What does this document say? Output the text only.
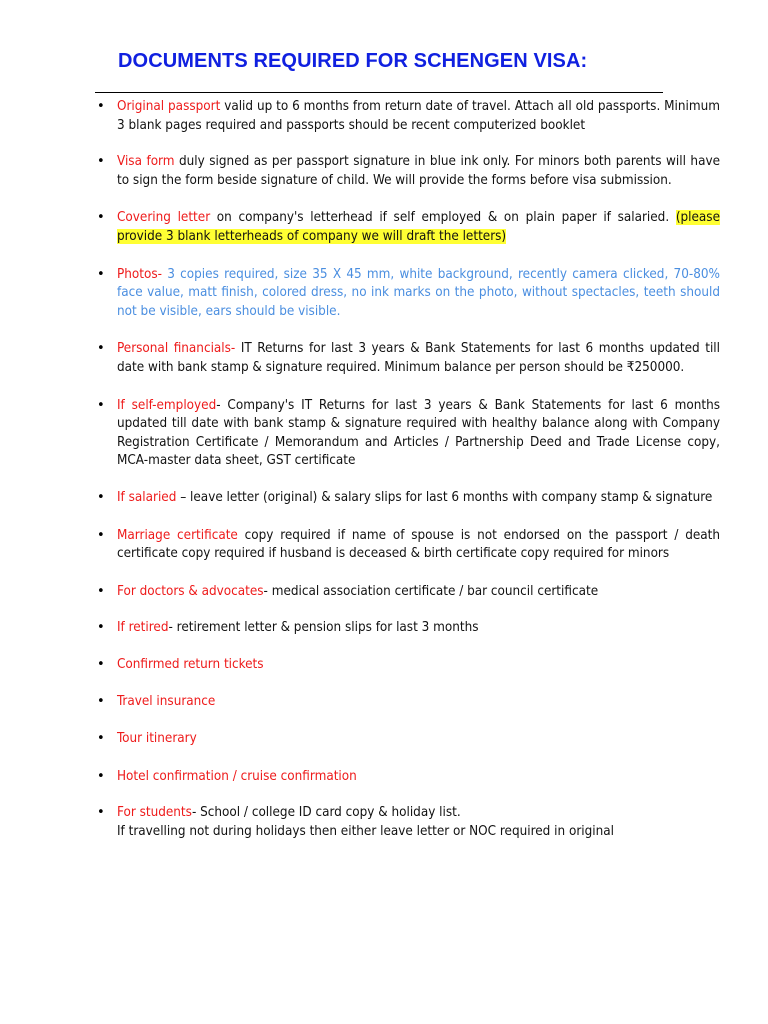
DOCUMENTS REQUIRED FOR SCHENGEN VISA:
• Original passport valid up to 6 months from return date of travel. Attach all old passports. Minimum 3 blank pages required and passports should be recent computerized booklet
• Visa form duly signed as per passport signature in blue ink only. For minors both parents will have to sign the form beside signature of child. We will provide the forms before visa submission.
• Covering letter on company's letterhead if self employed & on plain paper if salaried. (please provide 3 blank letterheads of company we will draft the letters)
• Photos- 3 copies required, size 35 X 45 mm, white background, recently camera clicked, 70-80% face value, matt finish, colored dress, no ink marks on the photo, without spectacles, teeth should not be visible, ears should be visible.
• Personal financials- IT Returns for last 3 years & Bank Statements for last 6 months updated till date with bank stamp & signature required. Minimum balance per person should be ₹250000.
• If self-employed- Company's IT Returns for last 3 years & Bank Statements for last 6 months updated till date with bank stamp & signature required with healthy balance along with Company Registration Certificate / Memorandum and Articles / Partnership Deed and Trade License copy, MCA-master data sheet, GST certificate
• If salaried – leave letter (original) & salary slips for last 6 months with company stamp & signature
• Marriage certificate copy required if name of spouse is not endorsed on the passport / death certificate copy required if husband is deceased & birth certificate copy required for minors
• For doctors & advocates- medical association certificate / bar council certificate
• If retired- retirement letter & pension slips for last 3 months
• Confirmed return tickets
• Travel insurance
• Tour itinerary
• Hotel confirmation / cruise confirmation
• For students- School / college ID card copy & holiday list.
If travelling not during holidays then either leave letter or NOC required in original
